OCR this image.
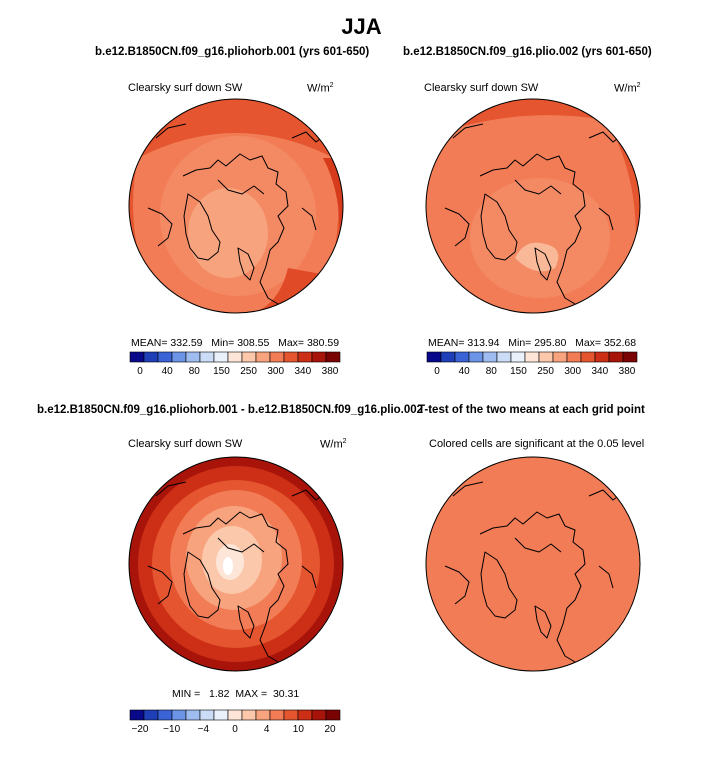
JJA
b.e12.B1850CN.f09_g16.pliohorb.001 (yrs 601-650)
Clearsky surf down SW	$W/m^2$
MEAN= 332.59   Min= 308.55   Max= 380.59
0 40 80 150 250 300 340 380
b.e12.B1850CN.f09_g16.plio.002 (yrs 601-650)
Clearsky surf down SW	$W/m^2$
MEAN= 313.94   Min= 295.80   Max= 352.68
0 40 80 150 250 300 340 380
b.e12.B1850CN.f09_g16.pliohorb.001 - b.e12.B1850CN.f09_g16.plio.002
Clearsky surf down SW	$W/m^2$
MIN =   1.82  MAX =  30.31
−20 −10 −4 0	4 10 20
T-test of the two means at each grid point
Colored cells are significant at the 0.05 level
